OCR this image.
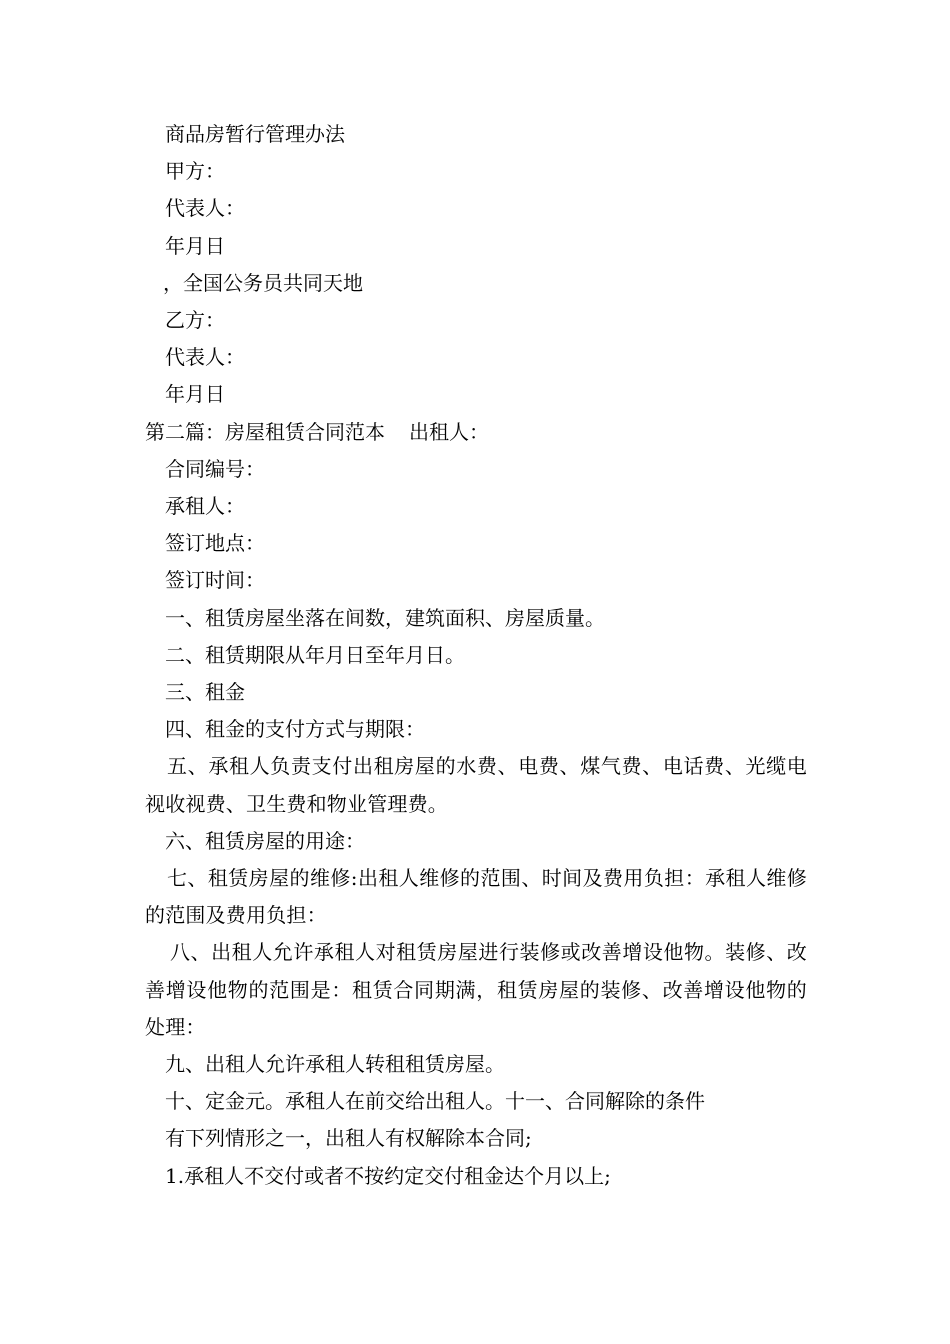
商品房暂行管理办法
甲方：
代表人：
年月日
，全国公务员共同天地
乙方：
代表人：
年月日
第二篇：房屋租赁合同范本 出租人：
合同编号：
承租人：
签订地点：
签订时间：
一、租赁房屋坐落在间数，建筑面积、房屋质量。
二、租赁期限从年月日至年月日。
三、租金
四、租金的支付方式与期限：

五、承租人负责支付出租房屋的水费、电费、煤气费、电话费、光缆电视收视费、卫生费和物业管理费。

六、租赁房屋的用途：

七、租赁房屋的维修:出租人维修的范围、时间及费用负担：承租人维修的范围及费用负担：

八、出租人允许承租人对租赁房屋进行装修或改善增设他物。装修、改善增设他物的范围是：租赁合同期满，租赁房屋的装修、改善增设他物的处理：

九、出租人允许承租人转租租赁房屋。
十、定金元。承租人在前交给出租人。十一、合同解除的条件
有下列情形之一，出租人有权解除本合同;
1.承租人不交付或者不按约定交付租金达个月以上;
